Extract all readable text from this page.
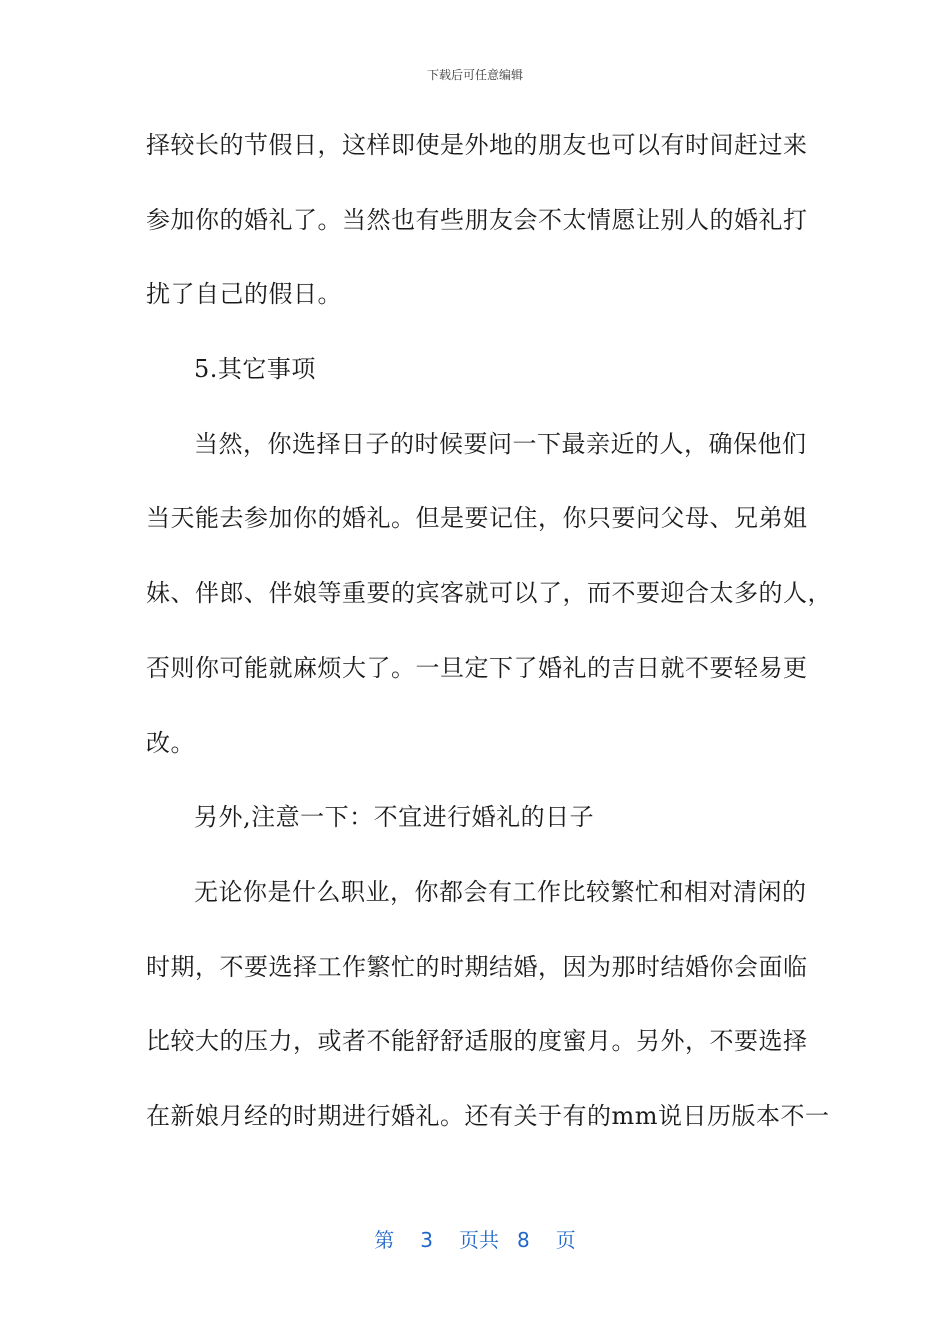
下载后可任意编辑
择较长的节假日，这样即使是外地的朋友也可以有时间赶过来
参加你的婚礼了。当然也有些朋友会不太情愿让别人的婚礼打
扰了自己的假日。
5.其它事项
当然，你选择日子的时候要问一下最亲近的人，确保他们
当天能去参加你的婚礼。但是要记住，你只要问父母、兄弟姐
妹、伴郎、伴娘等重要的宾客就可以了，而不要迎合太多的人，
否则你可能就麻烦大了。一旦定下了婚礼的吉日就不要轻易更
改。
另外,注意一下：不宜进行婚礼的日子
无论你是什么职业，你都会有工作比较繁忙和相对清闲的
时期，不要选择工作繁忙的时期结婚，因为那时结婚你会面临
比较大的压力，或者不能舒舒适服的度蜜月。另外，不要选择
在新娘月经的时期进行婚礼。还有关于有的mm说日历版本不一
第 3 页共 8 页
